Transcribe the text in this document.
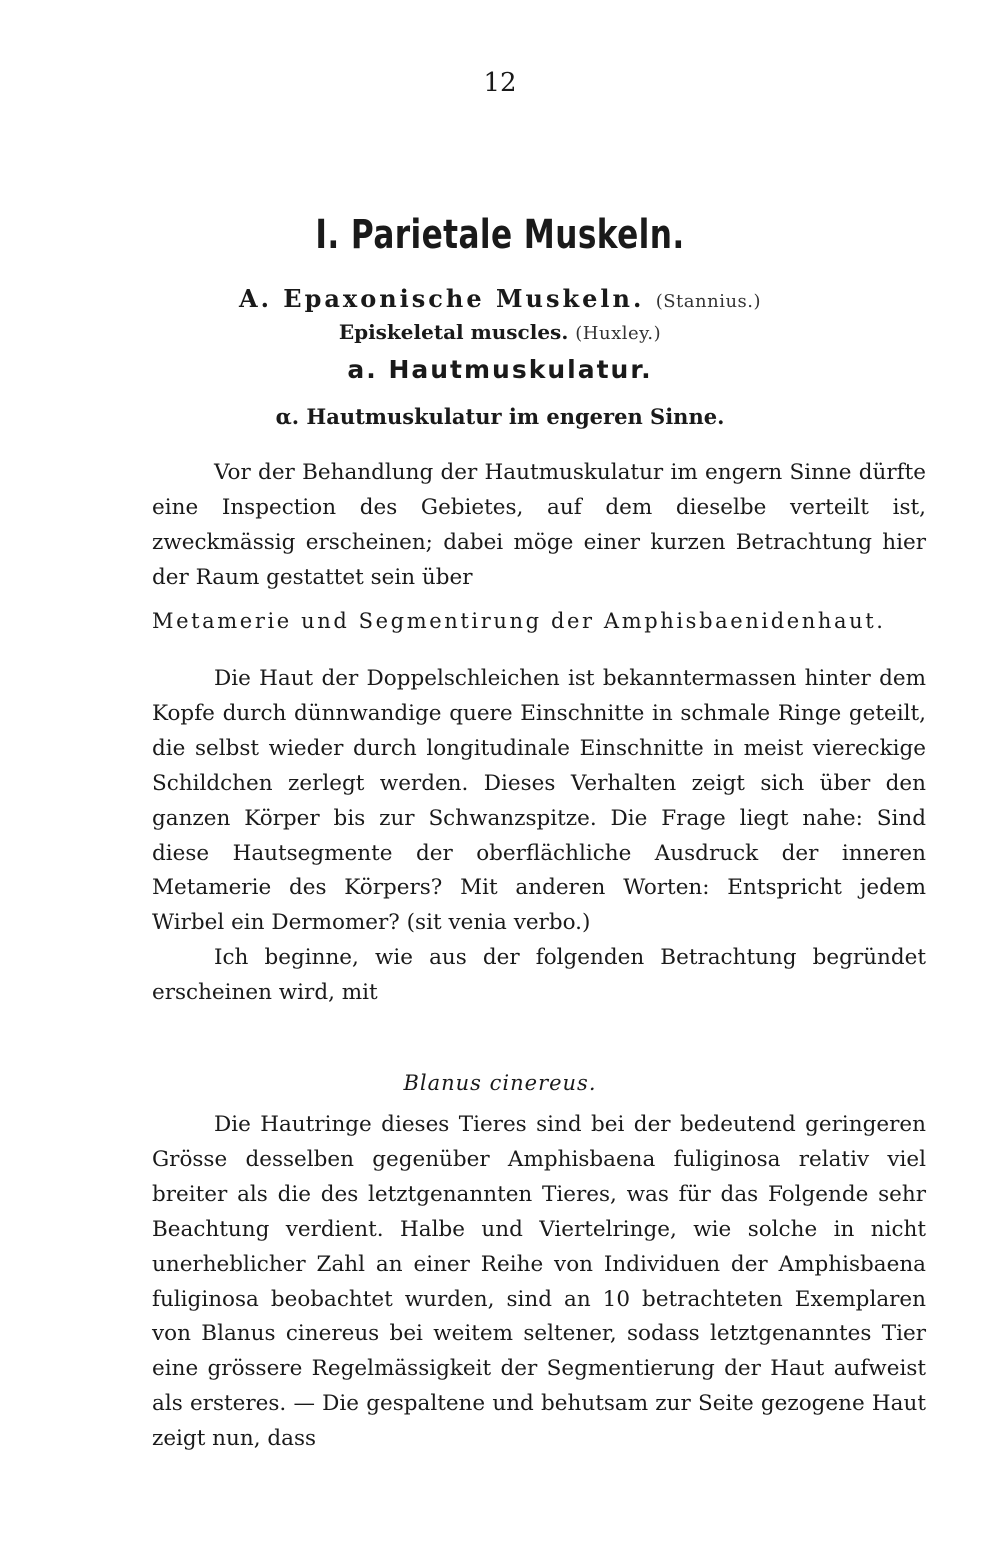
12
I. Parietale Muskeln.
A. Epaxonische Muskeln. (Stannius.)
Episkeletal muscles. (Huxley.)
a. Hautmuskulatur.
α. Hautmuskulatur im engeren Sinne.

Vor der Behandlung der Hautmuskulatur im engern Sinne dürfte eine Inspection des Gebietes, auf dem dieselbe verteilt ist, zweckmässig erscheinen; dabei möge einer kurzen Betrachtung hier der Raum gestattet sein über

Metamerie und Segmentirung der Amphisbaenidenhaut.

Die Haut der Doppelschleichen ist bekanntermassen hinter dem Kopfe durch dünnwandige quere Einschnitte in schmale Ringe geteilt, die selbst wieder durch longitudinale Einschnitte in meist viereckige Schildchen zerlegt werden. Dieses Verhalten zeigt sich über den ganzen Körper bis zur Schwanzspitze. Die Frage liegt nahe: Sind diese Hautsegmente der oberflächliche Ausdruck der inneren Metamerie des Körpers? Mit anderen Worten: Entspricht jedem Wirbel ein Dermomer? (sit venia verbo.)

Ich beginne, wie aus der folgenden Betrachtung begründet erscheinen wird, mit

Blanus cinereus.

Die Hautringe dieses Tieres sind bei der bedeutend geringeren Grösse desselben gegenüber Amphisbaena fuliginosa relativ viel breiter als die des letztgenannten Tieres, was für das Folgende sehr Beachtung verdient. Halbe und Viertelringe, wie solche in nicht unerheblicher Zahl an einer Reihe von Individuen der Amphisbaena fuliginosa beobachtet wurden, sind an 10 betrachteten Exemplaren von Blanus cinereus bei weitem seltener, sodass letztgenanntes Tier eine grössere Regelmässigkeit der Segmentierung der Haut aufweist als ersteres. — Die gespaltene und behutsam zur Seite gezogene Haut zeigt nun, dass
